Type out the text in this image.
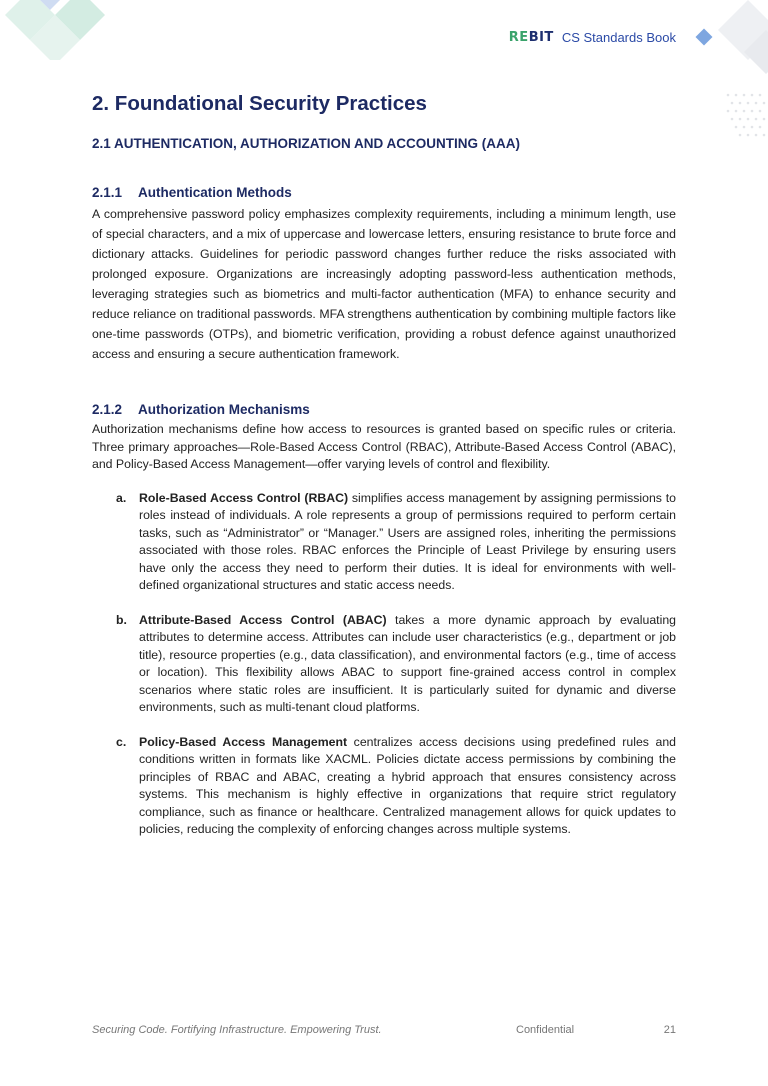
REBIT CS Standards Book
2. Foundational Security Practices
2.1 AUTHENTICATION, AUTHORIZATION AND ACCOUNTING (AAA)
2.1.1 Authentication Methods

A comprehensive password policy emphasizes complexity requirements, including a minimum length, use of special characters, and a mix of uppercase and lowercase letters, ensuring resistance to brute force and dictionary attacks. Guidelines for periodic password changes further reduce the risks associated with prolonged exposure. Organizations are increasingly adopting password-less authentication methods, leveraging strategies such as biometrics and multi-factor authentication (MFA) to enhance security and reduce reliance on traditional passwords. MFA strengthens authentication by combining multiple factors like one-time passwords (OTPs), and biometric verification, providing a robust defence against unauthorized access and ensuring a secure authentication framework.

2.1.2 Authorization Mechanisms

Authorization mechanisms define how access to resources is granted based on specific rules or criteria. Three primary approaches—Role-Based Access Control (RBAC), Attribute-Based Access Control (ABAC), and Policy-Based Access Management—offer varying levels of control and flexibility.

a. Role-Based Access Control (RBAC) simplifies access management by assigning permissions to roles instead of individuals. A role represents a group of permissions required to perform certain tasks, such as “Administrator” or “Manager.” Users are assigned roles, inheriting the permissions associated with those roles. RBAC enforces the Principle of Least Privilege by ensuring users have only the access they need to perform their duties. It is ideal for environments with well-defined organizational structures and static access needs.

b. Attribute-Based Access Control (ABAC) takes a more dynamic approach by evaluating attributes to determine access. Attributes can include user characteristics (e.g., department or job title), resource properties (e.g., data classification), and environmental factors (e.g., time of access or location). This flexibility allows ABAC to support fine-grained access control in complex scenarios where static roles are insufficient. It is particularly suited for dynamic and diverse environments, such as multi-tenant cloud platforms.

c. Policy-Based Access Management centralizes access decisions using predefined rules and conditions written in formats like XACML. Policies dictate access permissions by combining the principles of RBAC and ABAC, creating a hybrid approach that ensures consistency across systems. This mechanism is highly effective in organizations that require strict regulatory compliance, such as finance or healthcare. Centralized management allows for quick updates to policies, reducing the complexity of enforcing changes across multiple systems.

Securing Code. Fortifying Infrastructure. Empowering Trust.	Confidential	21
